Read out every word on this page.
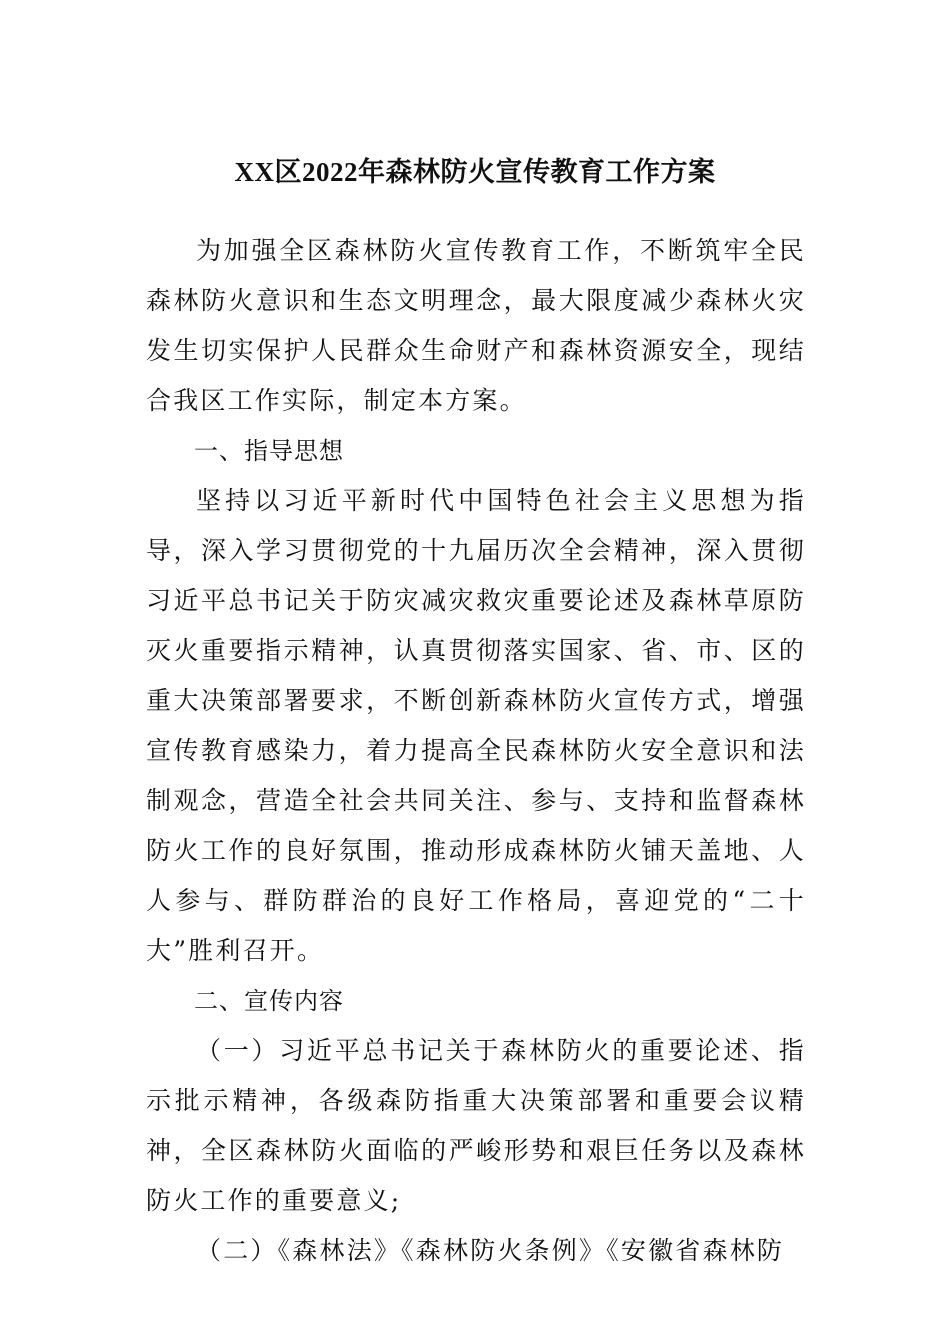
XX区2022年森林防火宣传教育工作方案

为加强全区森林防火宣传教育工作，不断筑牢全民森林防火意识和生态文明理念，最大限度减少森林火灾发生切实保护人民群众生命财产和森林资源安全，现结合我区工作实际，制定本方案。

一、指导思想

坚持以习近平新时代中国特色社会主义思想为指导，深入学习贯彻党的十九届历次全会精神，深入贯彻习近平总书记关于防灾减灾救灾重要论述及森林草原防灭火重要指示精神，认真贯彻落实国家、省、市、区的重大决策部署要求，不断创新森林防火宣传方式，增强宣传教育感染力，着力提高全民森林防火安全意识和法制观念，营造全社会共同关注、参与、支持和监督森林防火工作的良好氛围，推动形成森林防火铺天盖地、人人参与、群防群治的良好工作格局，喜迎党的“二十大”胜利召开。

二、宣传内容

（一）习近平总书记关于森林防火的重要论述、指示批示精神，各级森防指重大决策部署和重要会议精神，全区森林防火面临的严峻形势和艰巨任务以及森林防火工作的重要意义;

（二）《森林法》《森林防火条例》《安徽省森林防
